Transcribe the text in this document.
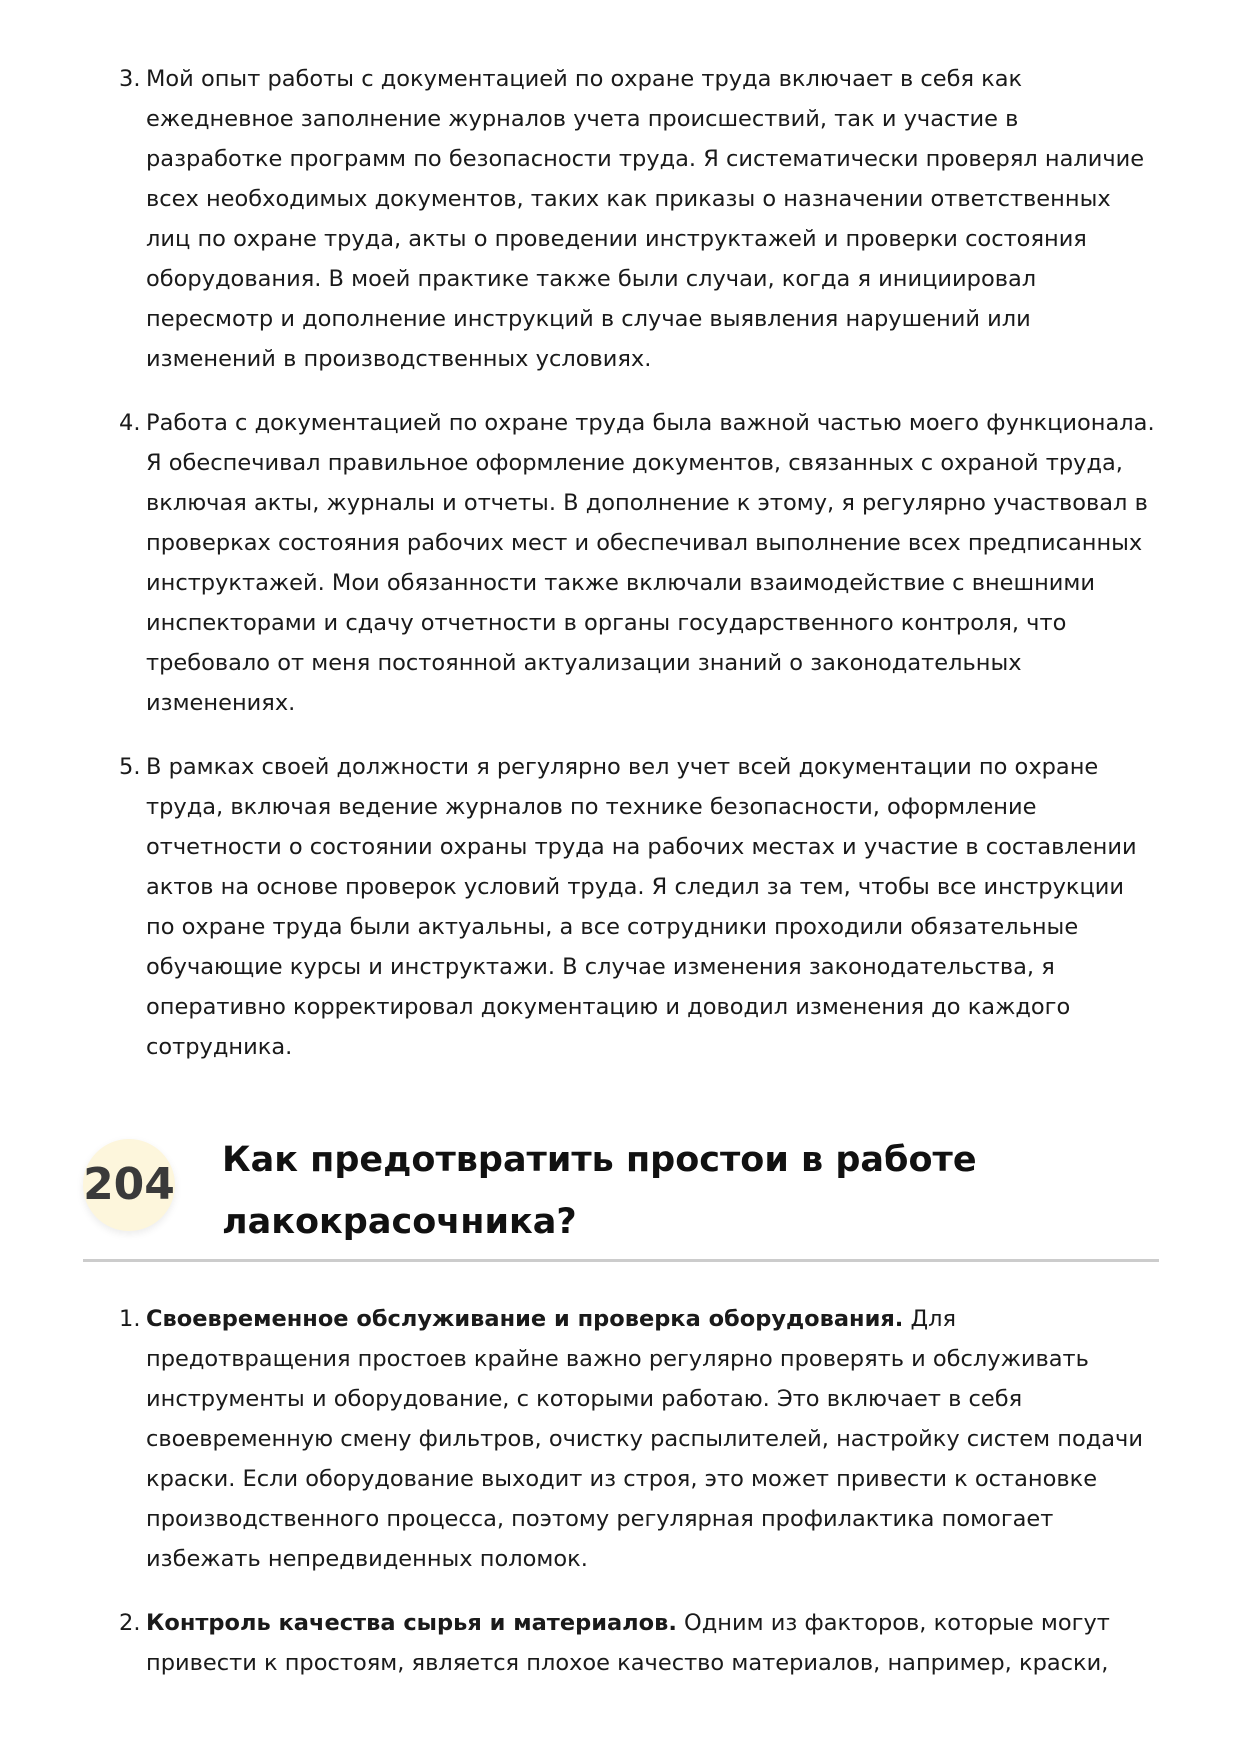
3. Мой опыт работы с документацией по охране труда включает в себя как ежедневное заполнение журналов учета происшествий, так и участие в разработке программ по безопасности труда. Я систематически проверял наличие всех необходимых документов, таких как приказы о назначении ответственных лиц по охране труда, акты о проведении инструктажей и проверки состояния оборудования. В моей практике также были случаи, когда я инициировал пересмотр и дополнение инструкций в случае выявления нарушений или изменений в производственных условиях.
4. Работа с документацией по охране труда была важной частью моего функционала. Я обеспечивал правильное оформление документов, связанных с охраной труда, включая акты, журналы и отчеты. В дополнение к этому, я регулярно участвовал в проверках состояния рабочих мест и обеспечивал выполнение всех предписанных инструктажей. Мои обязанности также включали взаимодействие с внешними инспекторами и сдачу отчетности в органы государственного контроля, что требовало от меня постоянной актуализации знаний о законодательных изменениях.
5. В рамках своей должности я регулярно вел учет всей документации по охране труда, включая ведение журналов по технике безопасности, оформление отчетности о состоянии охраны труда на рабочих местах и участие в составлении актов на основе проверок условий труда. Я следил за тем, чтобы все инструкции по охране труда были актуальны, а все сотрудники проходили обязательные обучающие курсы и инструктажи. В случае изменения законодательства, я оперативно корректировал документацию и доводил изменения до каждого сотрудника.
204 Как предотвратить простои в работе
лакокрасочника?
1. Своевременное обслуживание и проверка оборудования. Для предотвращения простоев крайне важно регулярно проверять и обслуживать инструменты и оборудование, с которыми работаю. Это включает в себя своевременную смену фильтров, очистку распылителей, настройку систем подачи краски. Если оборудование выходит из строя, это может привести к остановке производственного процесса, поэтому регулярная профилактика помогает избежать непредвиденных поломок.
2. Контроль качества сырья и материалов. Одним из факторов, которые могут привести к простоям, является плохое качество материалов, например, краски,
